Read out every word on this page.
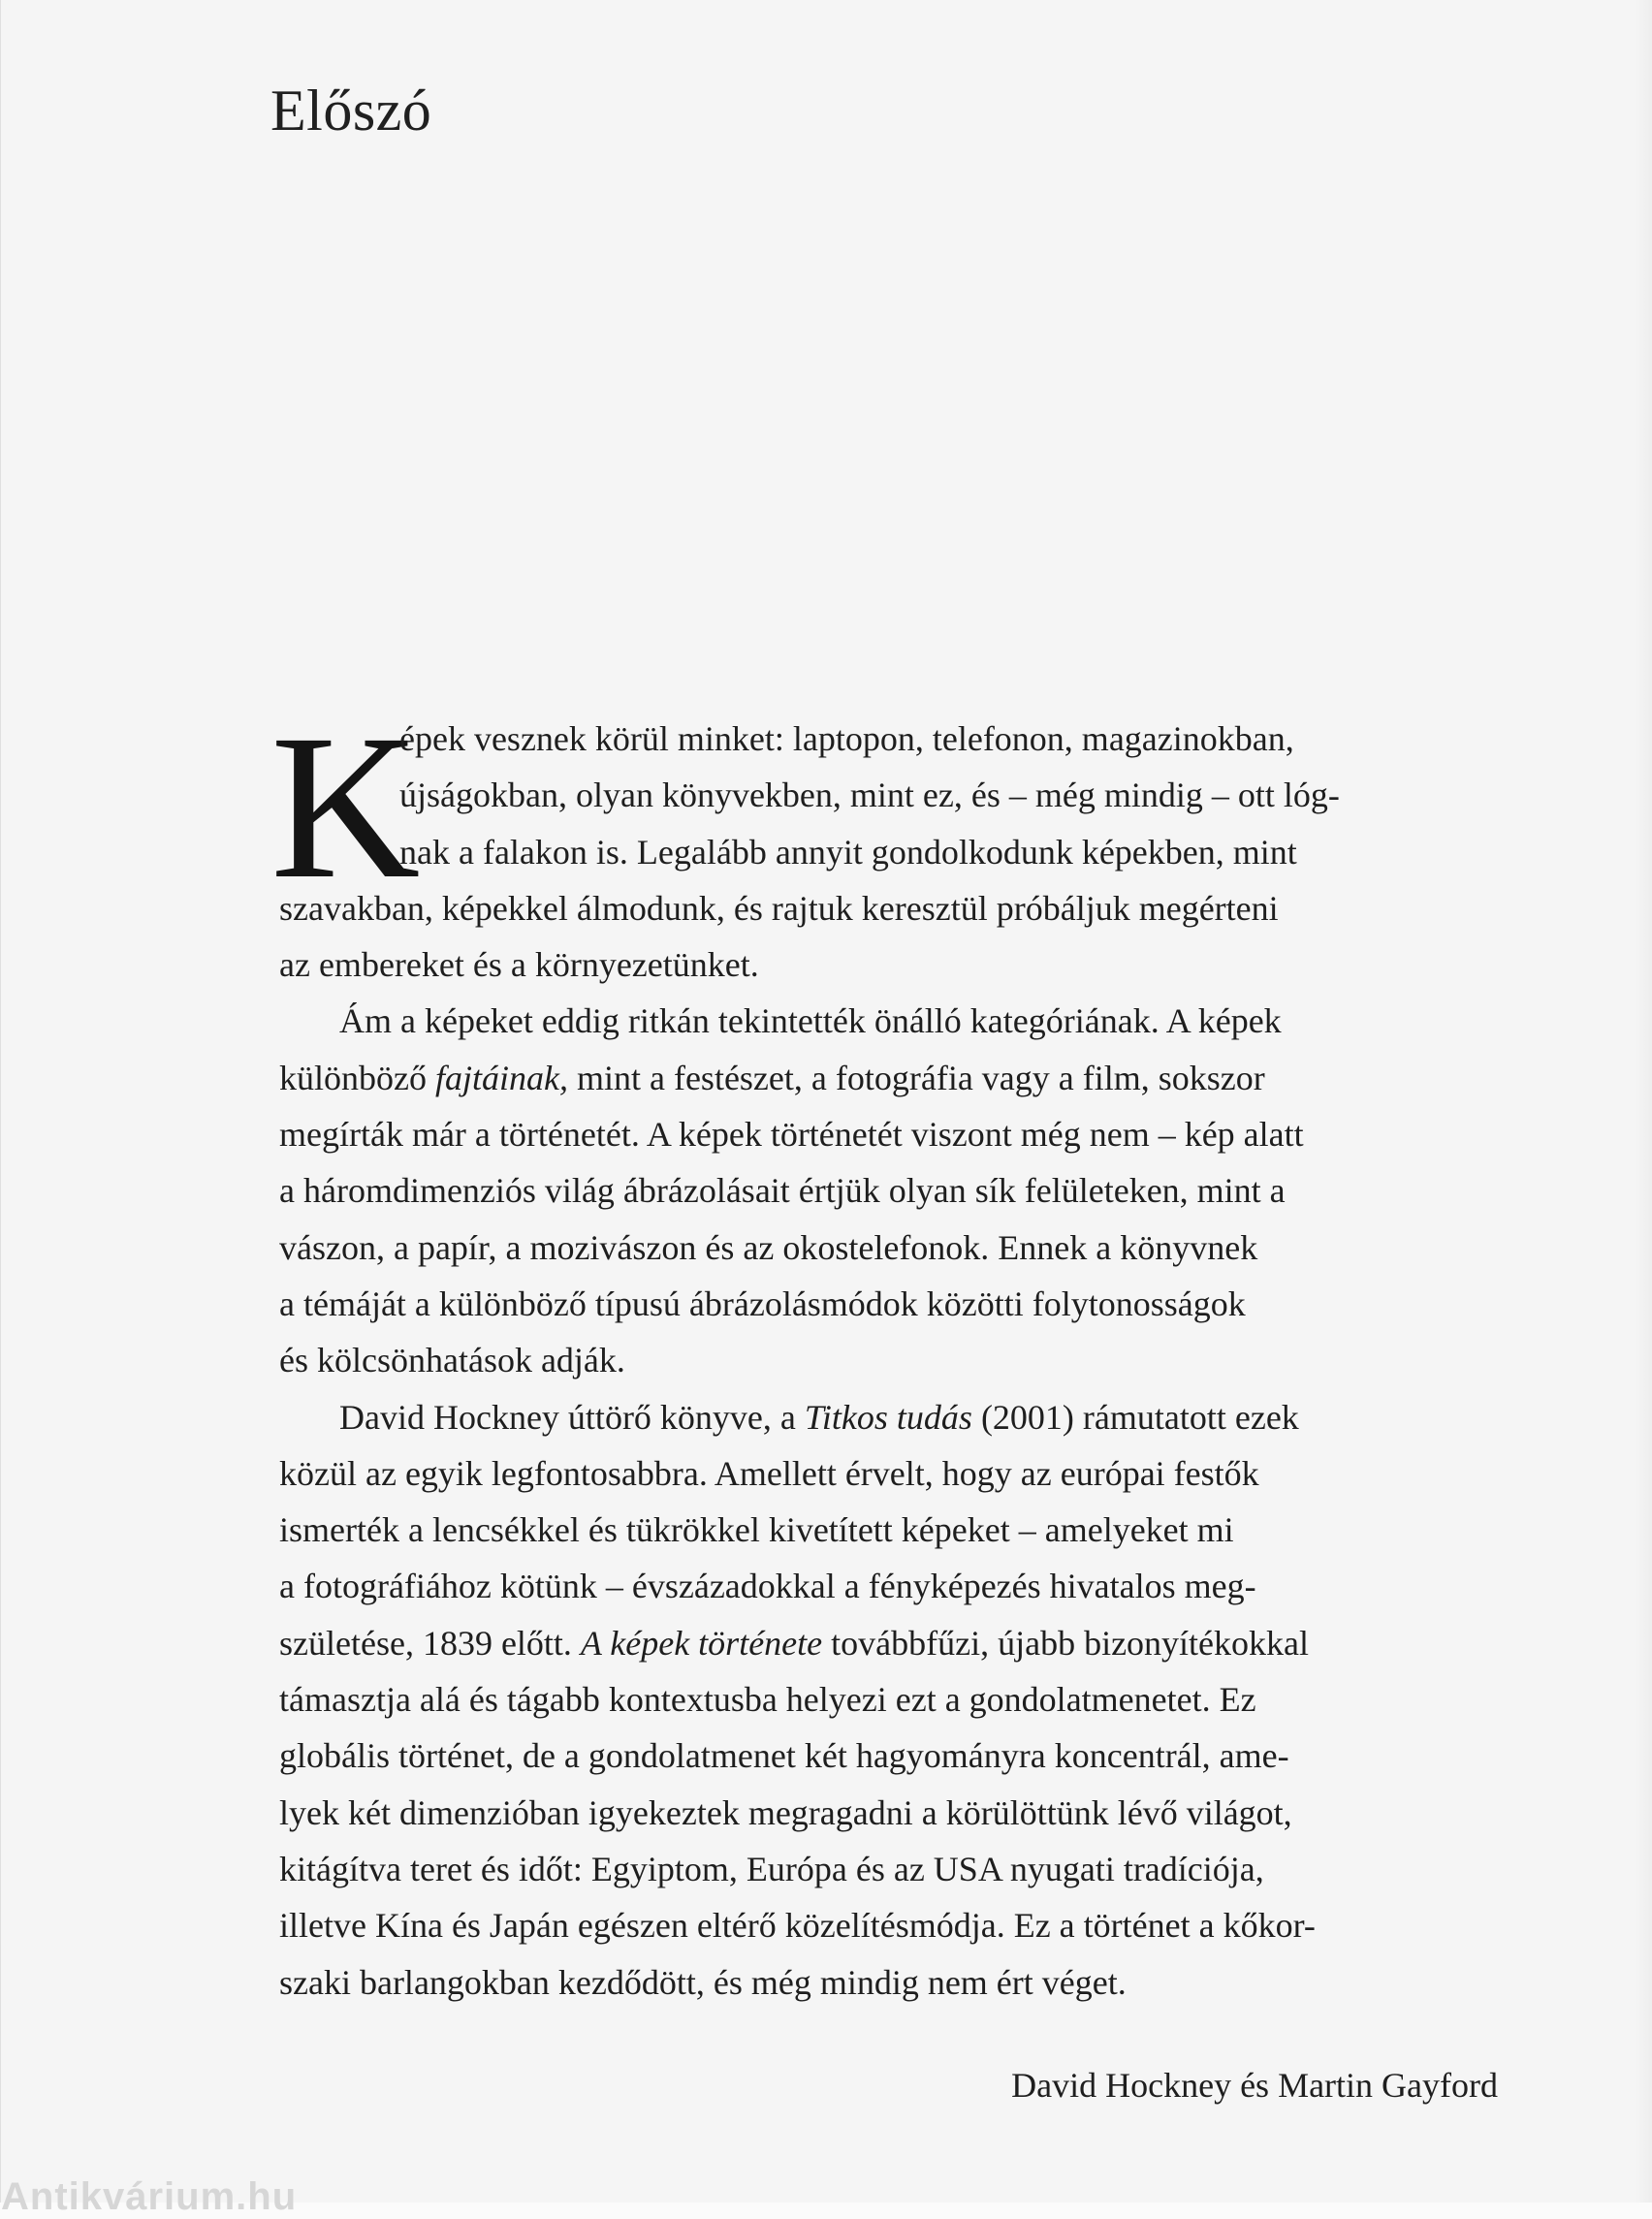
Előszó
K
épek vesznek körül minket: laptopon, telefonon, magazinokban,
újságokban, olyan könyvekben, mint ez, és – még mindig – ott lóg-
nak a falakon is. Legalább annyit gondolkodunk képekben, mint
szavakban, képekkel álmodunk, és rajtuk keresztül próbáljuk megérteni
az embereket és a környezetünket.
Ám a képeket eddig ritkán tekintették önálló kategóriának. A képek
különböző fajtáinak, mint a festészet, a fotográfia vagy a film, sokszor
megírták már a történetét. A képek történetét viszont még nem – kép alatt
a háromdimenziós világ ábrázolásait értjük olyan sík felületeken, mint a
vászon, a papír, a mozivászon és az okostelefonok. Ennek a könyvnek
a témáját a különböző típusú ábrázolásmódok közötti folytonosságok
és kölcsönhatások adják.
David Hockney úttörő könyve, a Titkos tudás (2001) rámutatott ezek
közül az egyik legfontosabbra. Amellett érvelt, hogy az európai festők
ismerték a lencsékkel és tükrökkel kivetített képeket – amelyeket mi
a fotográfiához kötünk – évszázadokkal a fényképezés hivatalos meg-
születése, 1839 előtt. A képek története továbbfűzi, újabb bizonyítékokkal
támasztja alá és tágabb kontextusba helyezi ezt a gondolatmenetet. Ez
globális történet, de a gondolatmenet két hagyományra koncentrál, ame-
lyek két dimenzióban igyekeztek megragadni a körülöttünk lévő világot,
kitágítva teret és időt: Egyiptom, Európa és az USA nyugati tradíciója,
illetve Kína és Japán egészen eltérő közelítésmódja. Ez a történet a kőkor-
szaki barlangokban kezdődött, és még mindig nem ért véget.
David Hockney és Martin Gayford
Antikvárium.hu
